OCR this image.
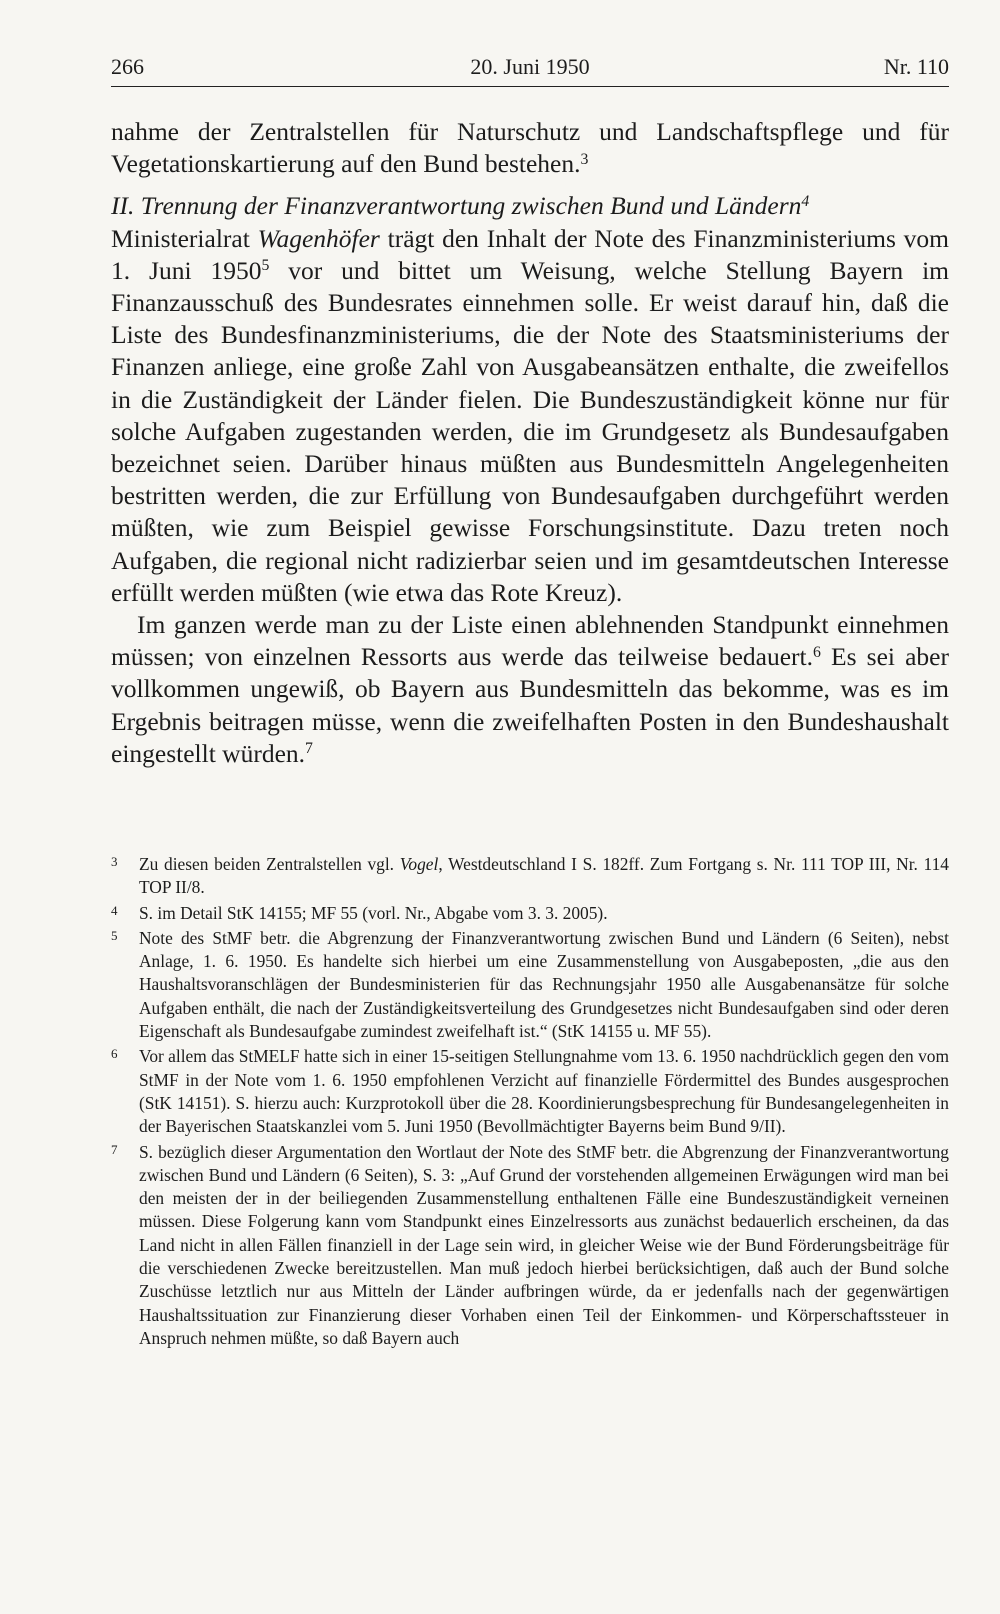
266	20. Juni 1950	Nr. 110

nahme der Zentralstellen für Naturschutz und Landschaftspflege und für Vegetationskartierung auf den Bund bestehen.$^3$

II. Trennung der Finanzverantwortung zwischen Bund und Ländern$^4$

Ministerialrat Wagenhöfer trägt den Inhalt der Note des Finanzministeriums vom 1. Juni 1950$^5$ vor und bittet um Weisung, welche Stellung Bayern im Finanzausschuß des Bundesrates einnehmen solle. Er weist darauf hin, daß die Liste des Bundesfinanzministeriums, die der Note des Staatsministeriums der Finanzen anliege, eine große Zahl von Ausgabeansätzen enthalte, die zweifellos in die Zuständigkeit der Länder fielen. Die Bundeszuständigkeit könne nur für solche Aufgaben zugestanden werden, die im Grundgesetz als Bundesaufgaben bezeichnet seien. Darüber hinaus müßten aus Bundesmitteln Angelegenheiten bestritten werden, die zur Erfüllung von Bundesaufgaben durchgeführt werden müßten, wie zum Beispiel gewisse Forschungsinstitute. Dazu treten noch Aufgaben, die regional nicht radizierbar seien und im gesamtdeutschen Interesse erfüllt werden müßten (wie etwa das Rote Kreuz).

Im ganzen werde man zu der Liste einen ablehnenden Standpunkt einnehmen müssen; von einzelnen Ressorts aus werde das teilweise bedauert.$^6$ Es sei aber vollkommen ungewiß, ob Bayern aus Bundesmitteln das bekomme, was es im Ergebnis beitragen müsse, wenn die zweifelhaften Posten in den Bundeshaushalt eingestellt würden.$^7$

3 Zu diesen beiden Zentralstellen vgl. Vogel, Westdeutschland I S. 182ff. Zum Fortgang s. Nr. 111 TOP III, Nr. 114 TOP II/8.
4 S. im Detail StK 14155; MF 55 (vorl. Nr., Abgabe vom 3. 3. 2005).
5 Note des StMF betr. die Abgrenzung der Finanzverantwortung zwischen Bund und Ländern (6 Seiten), nebst Anlage, 1. 6. 1950. Es handelte sich hierbei um eine Zusammenstellung von Ausgabeposten, „die aus den Haushaltsvoranschlägen der Bundesministerien für das Rechnungsjahr 1950 alle Ausgabenansätze für solche Aufgaben enthält, die nach der Zuständigkeitsverteilung des Grundgesetzes nicht Bundesaufgaben sind oder deren Eigenschaft als Bundesaufgabe zumindest zweifelhaft ist.“ (StK 14155 u. MF 55).
6 Vor allem das StMELF hatte sich in einer 15-seitigen Stellungnahme vom 13. 6. 1950 nachdrücklich gegen den vom StMF in der Note vom 1. 6. 1950 empfohlenen Verzicht auf finanzielle Fördermittel des Bundes ausgesprochen (StK 14151). S. hierzu auch: Kurzprotokoll über die 28. Koordinierungsbesprechung für Bundesangelegenheiten in der Bayerischen Staatskanzlei vom 5. Juni 1950 (Bevollmächtigter Bayerns beim Bund 9/II).
7 S. bezüglich dieser Argumentation den Wortlaut der Note des StMF betr. die Abgrenzung der Finanzverantwortung zwischen Bund und Ländern (6 Seiten), S. 3: „Auf Grund der vorstehenden allgemeinen Erwägungen wird man bei den meisten der in der beiliegenden Zusammenstellung enthaltenen Fälle eine Bundeszuständigkeit verneinen müssen. Diese Folgerung kann vom Standpunkt eines Einzelressorts aus zunächst bedauerlich erscheinen, da das Land nicht in allen Fällen finanziell in der Lage sein wird, in gleicher Weise wie der Bund Förderungsbeiträge für die verschiedenen Zwecke bereitzustellen. Man muß jedoch hierbei berücksichtigen, daß auch der Bund solche Zuschüsse letztlich nur aus Mitteln der Länder aufbringen würde, da er jedenfalls nach der gegenwärtigen Haushaltssituation zur Finanzierung dieser Vorhaben einen Teil der Einkommen- und Körperschaftssteuer in Anspruch nehmen müßte, so daß Bayern auch
